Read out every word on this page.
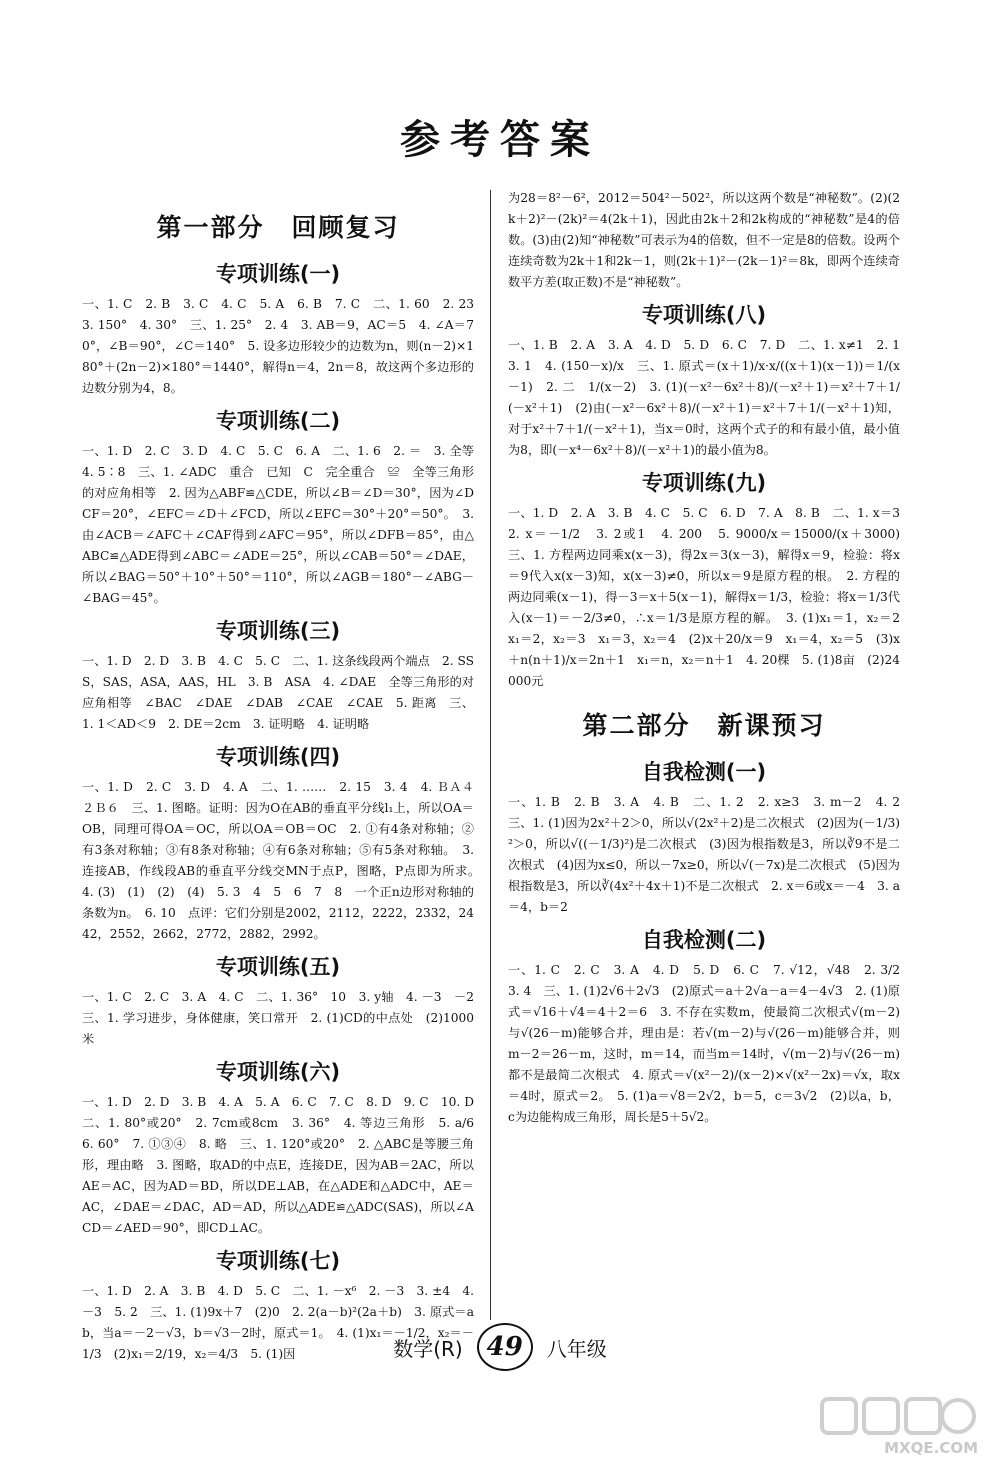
参考答案
第一部分　回顾复习
专项训练(一)

一、1. C　2. B　3. C　4. C　5. A　6. B　7. C　二、1. 60　2. 23　3. 150°　4. 30°　三、1. 25°　2. 4　3. AB＝9，AC＝5　4. ∠A＝70°，∠B＝90°，∠C＝140°　5. 设多边形较少的边数为n，则(n－2)×180°＋(2n－2)×180°＝1440°，解得n＝4，2n＝8，故这两个多边形的边数分别为4，8。

专项训练(二)

一、1. D　2. C　3. D　4. C　5. C　6. A　二、1. 6　2. ＝　3. 全等　4. 5∶8　三、1. ∠ADC　重合　已知　C　完全重合　≌　全等三角形的对应角相等　2. 因为△ABF≌△CDE，所以∠B＝∠D＝30°，因为∠DCF＝20°，∠EFC＝∠D＋∠FCD，所以∠EFC＝30°＋20°＝50°。　3. 由∠ACB＝∠AFC＋∠CAF得到∠AFC＝95°，所以∠DFB＝85°，由△ABC≌△ADE得到∠ABC＝∠ADE＝25°，所以∠CAB＝50°＝∠DAE，所以∠BAG＝50°＋10°＋50°＝110°，所以∠AGB＝180°－∠ABG－∠BAG＝45°。

专项训练(三)

一、1. D　2. D　3. B　4. C　5. C　二、1. 这条线段两个端点　2. SSS，SAS，ASA，AAS，HL　3. B　ASA　4. ∠DAE　全等三角形的对应角相等　∠BAC　∠DAE　∠DAB　∠CAE　∠CAE　5. 距离　三、1. 1＜AD＜9　2. DE＝2cm　3. 证明略　4. 证明略

专项训练(四)

一、1. D　2. C　3. D　4. A　二、1. ……　2. 15　3. 4　4. ＢＡ４ ２Ｂ６　三、1. 图略。证明：因为O在AB的垂直平分线l₁上，所以OA＝OB，同理可得OA＝OC，所以OA＝OB＝OC　2. ①有4条对称轴；②有3条对称轴；③有8条对称轴；④有6条对称轴；⑤有5条对称轴。　3. 连接AB，作线段AB的垂直平分线交MN于点P，图略，P点即为所求。　4. (3)　(1)　(2)　(4)　5. 3　4　5　6　7　8　一个正n边形对称轴的条数为n。　6. 10　点评：它们分别是2002，2112，2222，2332，2442，2552，2662，2772，2882，2992。

专项训练(五)

一、1. C　2. C　3. A　4. C　二、1. 36°　10　3. y轴　4. －3　－2　三、1. 学习进步，身体健康，笑口常开　2. (1)CD的中点处　(2)1000米

专项训练(六)

一、1. D　2. D　3. B　4. A　5. A　6. C　7. C　8. D　9. C　10. D　二、1. 80°或20°　2. 7cm或8cm　3. 36°　4. 等边三角形　5. a/6　6. 60°　7. ①③④　8. 略　三、1. 120°或20°　2. △ABC是等腰三角形，理由略　3. 图略，取AD的中点E，连接DE，因为AB＝2AC，所以AE＝AC，因为AD＝BD，所以DE⊥AB，在△ADE和△ADC中，AE＝AC，∠DAE＝∠DAC，AD＝AD，所以△ADE≌△ADC(SAS)，所以∠ACD＝∠AED＝90°，即CD⊥AC。

专项训练(七)

一、1. D　2. A　3. B　4. D　5. C　二、1. －x⁶　2. －3　3. ±4　4. －3　5. 2　三、1. (1)9x＋7　(2)0　2. 2(a－b)²(2a＋b)　3. 原式＝ab，当a＝－2－√3，b＝√3－2时，原式＝1。　4. (1)x₁＝－1/2，x₂＝－1/3　(2)x₁＝2/19，x₂＝4/3　5. (1)因

为28＝8²－6²，2012＝504²－502²，所以这两个数是“神秘数”。(2)(2k＋2)²－(2k)²＝4(2k＋1)，因此由2k＋2和2k构成的“神秘数”是4的倍数。(3)由(2)知“神秘数”可表示为4的倍数，但不一定是8的倍数。设两个连续奇数为2k＋1和2k－1，则(2k＋1)²－(2k－1)²＝8k，即两个连续奇数平方差(取正数)不是“神秘数”。

专项训练(八)

一、1. B　2. A　3. A　4. D　5. D　6. C　7. D　二、1. x≠1　2. 1　3. 1　4. (150－x)/x　三、1. 原式＝(x＋1)/x·x/((x＋1)(x－1))＝1/(x－1)　2. 二　1/(x－2)　3. (1)(－x²－6x²＋8)/(－x²＋1)＝x²＋7＋1/(－x²＋1)　(2)由(－x²－6x²＋8)/(－x²＋1)＝x²＋7＋1/(－x²＋1)知，对于x²＋7＋1/(－x²＋1)，当x＝0时，这两个式子的和有最小值，最小值为8，即(－x⁴－6x²＋8)/(－x²＋1)的最小值为8。

专项训练(九)

一、1. D　2. A　3. B　4. C　5. C　6. D　7. A　8. B　二、1. x＝3　2. x＝－1/2　3. 2或1　4. 200　5. 9000/x＝15000/(x＋3000)　三、1. 方程两边同乘x(x－3)，得2x＝3(x－3)，解得x＝9，检验：将x＝9代入x(x－3)知，x(x－3)≠0，所以x＝9是原方程的根。　2. 方程的两边同乘(x－1)，得－3＝x＋5(x－1)，解得x＝1/3，检验：将x＝1/3代入(x－1)＝－2/3≠0，∴x＝1/3是原方程的解。　3. (1)x₁＝1，x₂＝2　x₁＝2，x₂＝3　x₁＝3，x₂＝4　(2)x＋20/x＝9　x₁＝4，x₂＝5　(3)x＋n(n＋1)/x＝2n＋1　x₁＝n，x₂＝n＋1　4. 20棵　5. (1)8亩　(2)24000元

第二部分　新课预习
自我检测(一)

一、1. B　2. B　3. A　4. B　二、1. 2　2. x≥3　3. m－2　4. 2　三、1. (1)因为2x²＋2＞0，所以√(2x²＋2)是二次根式　(2)因为(－1/3)²＞0，所以√((－1/3)²)是二次根式　(3)因为根指数是3，所以∛9不是二次根式　(4)因为x≤0，所以－7x≥0，所以√(－7x)是二次根式　(5)因为根指数是3，所以∛(4x²＋4x＋1)不是二次根式　2. x＝6或x＝－4　3. a＝4，b＝2

自我检测(二)

一、1. C　2. C　3. A　4. D　5. D　6. C　7. √12，√48　2. 3/2　3. 4　三、1. (1)2√6＋2√3　(2)原式＝a＋2√a－a＝4－4√3　2. (1)原式＝√16＋√4＝4＋2＝6　3. 不存在实数m，使最简二次根式√(m－2)与√(26－m)能够合并，理由是：若√(m－2)与√(26－m)能够合并，则m－2＝26－m，这时，m＝14，而当m＝14时，√(m－2)与√(26－m)都不是最简二次根式　4. 原式＝√(x²－2)/(x－2)×√(x²－2x)＝√x，取x＝4时，原式＝2。　5. (1)a＝√8＝2√2，b＝5，c＝3√2　(2)以a，b，c为边能构成三角形，周长是5＋5√2。

数学(R) 49 八年级
MXQE.COM
